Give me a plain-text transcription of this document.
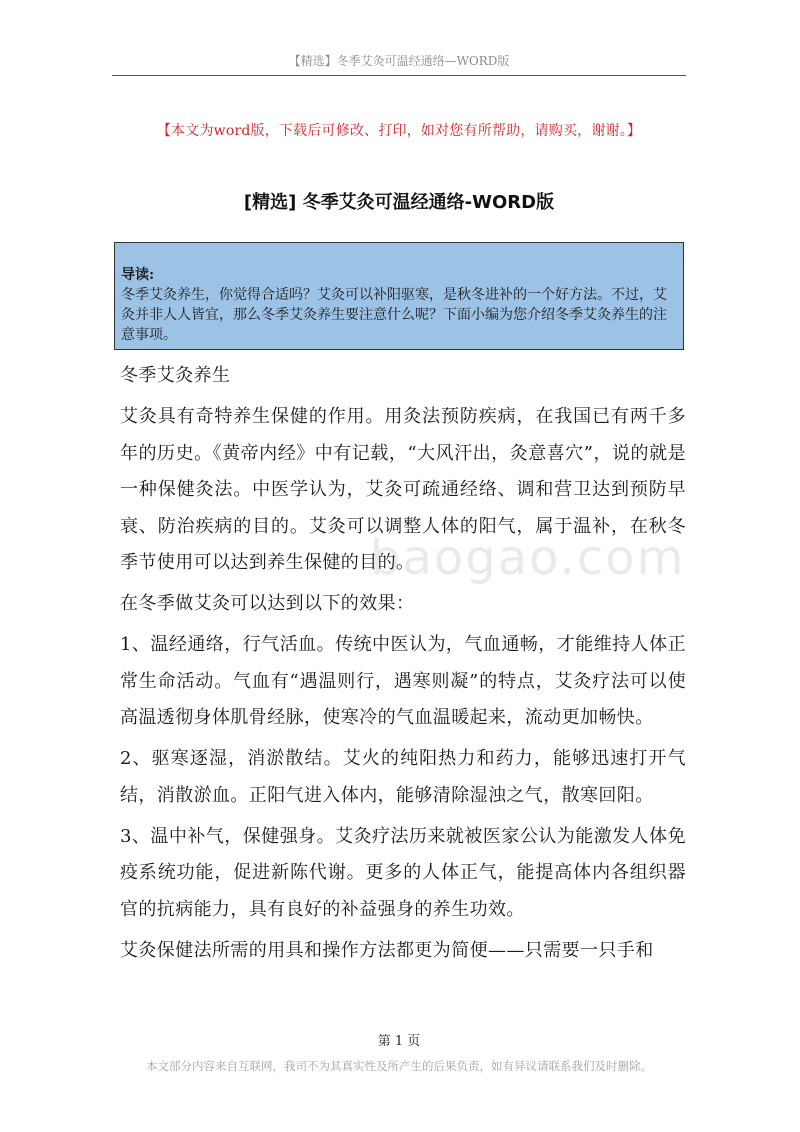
【精选】冬季艾灸可温经通络—WORD版
【本文为word版，下载后可修改、打印，如对您有所帮助，请购买，谢谢。】
[精选] 冬季艾灸可温经通络-WORD版
导读:
冬季艾灸养生，你觉得合适吗？艾灸可以补阳驱寒，是秋冬进补的一个好方法。不过，艾灸并非人人皆宜，那么冬季艾灸养生要注意什么呢？下面小编为您介绍冬季艾灸养生的注意事项。
baogao.com

冬季艾灸养生

艾灸具有奇特养生保健的作用。用灸法预防疾病，在我国已有两千多年的历史。《黄帝内经》中有记载，“大风汗出，灸意喜穴”，说的就是一种保健灸法。中医学认为，艾灸可疏通经络、调和营卫达到预防早衰、防治疾病的目的。艾灸可以调整人体的阳气，属于温补，在秋冬季节使用可以达到养生保健的目的。

在冬季做艾灸可以达到以下的效果：

1、温经通络，行气活血。传统中医认为，气血通畅，才能维持人体正常生命活动。气血有“遇温则行，遇寒则凝”的特点，艾灸疗法可以使高温透彻身体肌骨经脉，使寒冷的气血温暖起来，流动更加畅快。

2、驱寒逐湿，消淤散结。艾火的纯阳热力和药力，能够迅速打开气结，消散淤血。正阳气进入体内，能够清除湿浊之气，散寒回阳。

3、温中补气，保健强身。艾灸疗法历来就被医家公认为能激发人体免疫系统功能，促进新陈代谢。更多的人体正气，能提高体内各组织器官的抗病能力，具有良好的补益强身的养生功效。

艾灸保健法所需的用具和操作方法都更为简便——只需要一只手和

第 1 页
本文部分内容来自互联网，我司不为其真实性及所产生的后果负责，如有异议请联系我们及时删除。
